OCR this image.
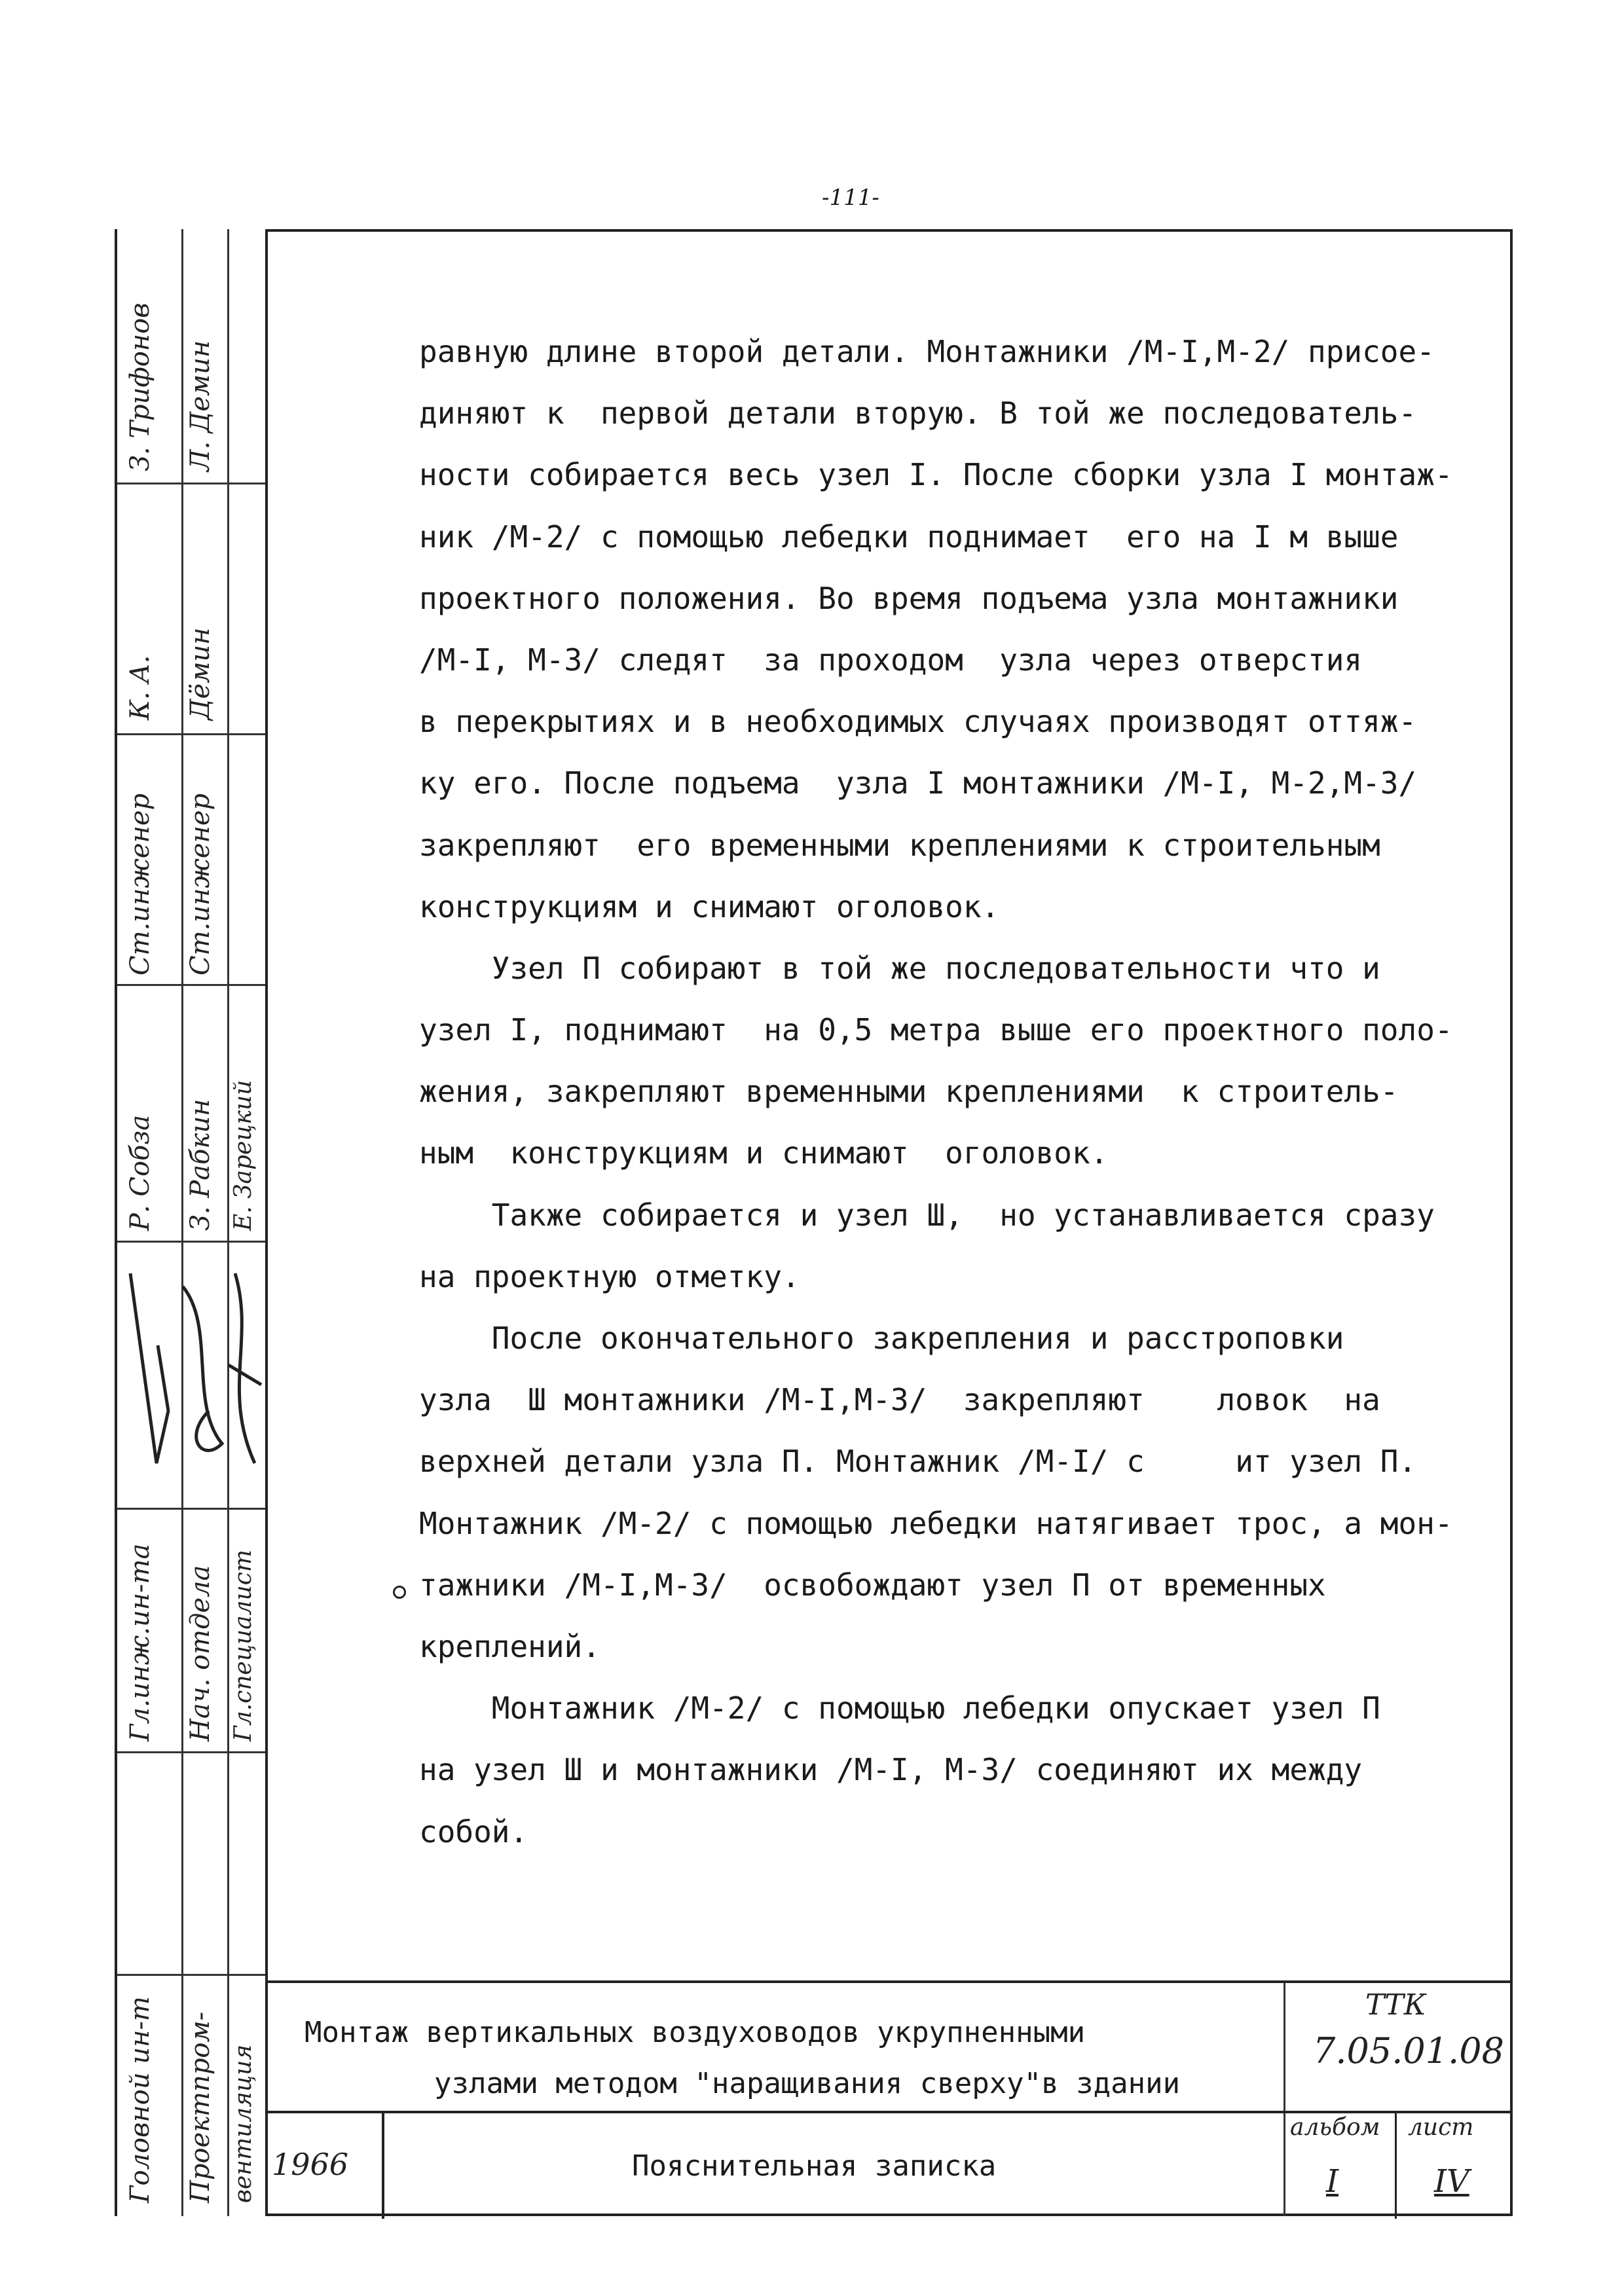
-111-
З. Трифонов Л. Демин
К. А. Дёмин
Ст.инженер Ст.инженер
Р. Собза З. Рабкин Е. Зарецкий
Гл.инж.ин-та Нач. отдела Гл.специалист
Головной ин-т Проектпром- вентиляция
равную длине второй детали. Монтажники /М-I,М-2/ присое-
диняют к  первой детали вторую. В той же последователь-
ности собирается весь узел I. После сборки узла I монтаж-
ник /М-2/ с помощью лебедки поднимает  его на I м выше
проектного положения. Во время подъема узла монтажники
/М-I, М-3/ следят  за проходом  узла через отверстия
в перекрытиях и в необходимых случаях производят оттяж-
ку его. После подъема  узла I монтажники /М-I, М-2,М-3/
закрепляют  его временными креплениями к строительным
конструкциям и снимают оголовок.
Узел П собирают в той же последовательности что и
узел I, поднимают  на 0,5 метра выше его проектного поло-
жения, закрепляют временными креплениями  к строитель-
ным  конструкциям и снимают  оголовок.
Также собирается и узел Ш,  но устанавливается сразу
на проектную отметку.
После окончательного закрепления и расстроповки
узла  Ш монтажники /М-I,М-3/  закрепляют    ловок  на
верхней детали узла П. Монтажник /М-I/ с     ит узел П.
Монтажник /М-2/ с помощью лебедки натягивает трос, а мон-
тажники /М-I,М-3/  освобождают узел П от временных
креплений.
Монтажник /М-2/ с помощью лебедки опускает узел П
на узел Ш и монтажники /М-I, М-3/ соединяют их между
собой.
Монтаж вертикальных воздуховодов укрупненными
узлами методом "наращивания сверху"в здании
Пояснительная записка
1966
ТТК
7.05.01.08
альбом
I
лист
IV
